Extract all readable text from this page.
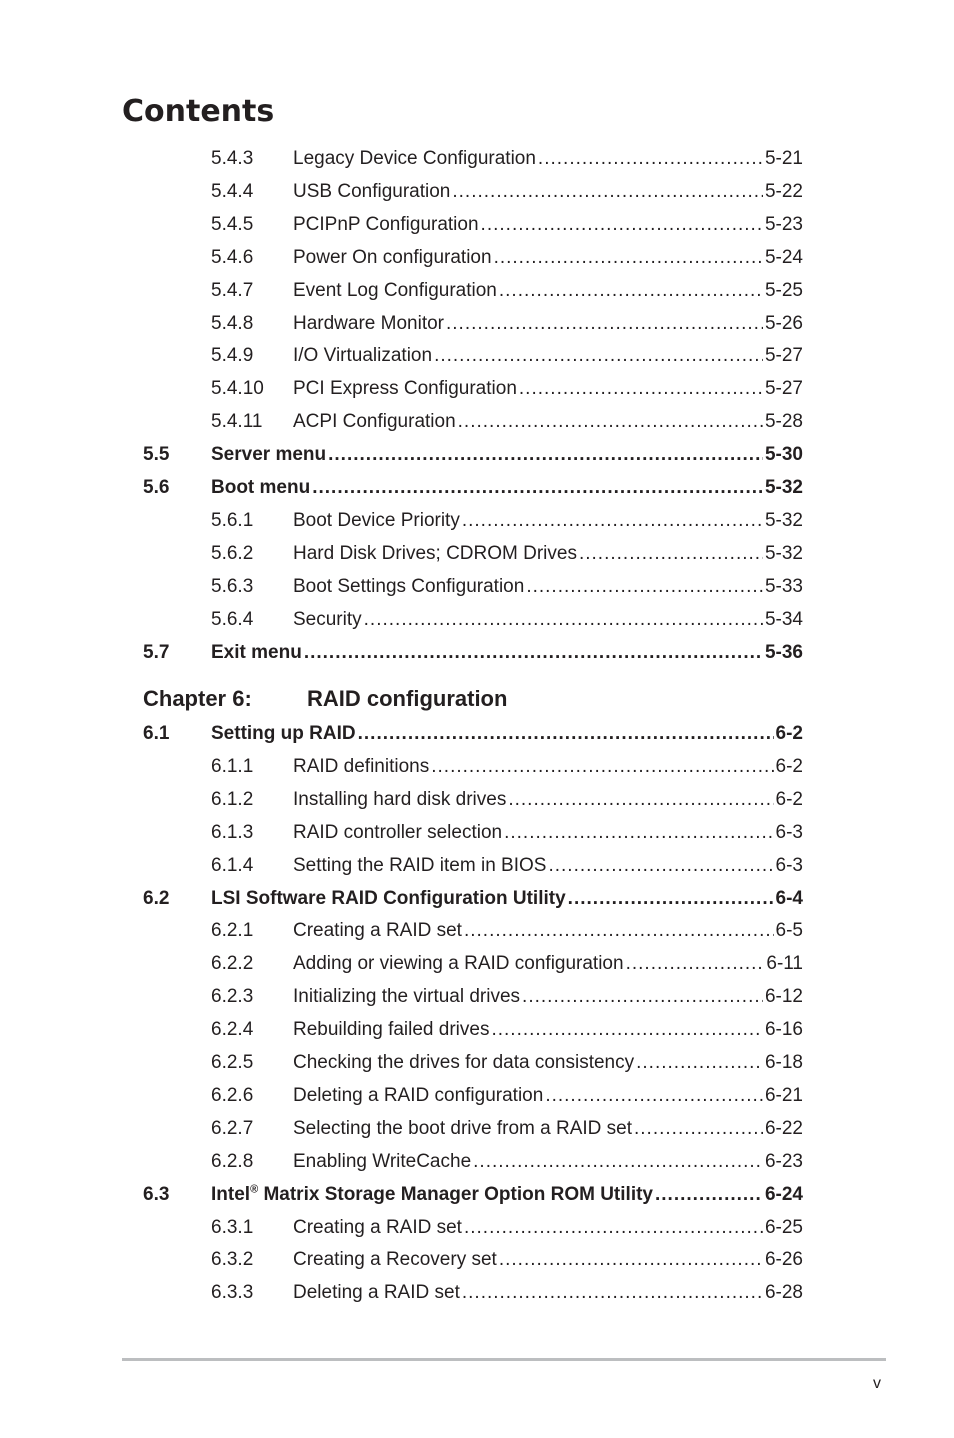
Contents
5.4.3 Legacy Device Configuration .....	5-21
5.4.4 USB Configuration .....	5-22
5.4.5 PCIPnP Configuration .....	5-23
5.4.6 Power On configuration .....	5-24
5.4.7 Event Log Configuration .....	5-25
5.4.8 Hardware Monitor .....	5-26
5.4.9 I/O Virtualization .....	5-27
5.4.10 PCI Express Configuration .....	5-27
5.4.11 ACPI Configuration .....	5-28
5.5 Server menu .....	5-30
5.6 Boot menu .....	5-32
5.6.1 Boot Device Priority .....	5-32
5.6.2 Hard Disk Drives; CDROM Drives .....	5-32
5.6.3 Boot Settings Configuration .....	5-33
5.6.4 Security .....	5-34
5.7 Exit menu .....	5-36
6.1 Setting up RAID .....	6-2
6.1.1 RAID definitions .....	6-2
6.1.2 Installing hard disk drives .....	6-2
6.1.3 RAID controller selection .....	6-3
6.1.4 Setting the RAID item in BIOS .....	6-3
6.2 LSI Software RAID Configuration Utility .....	6-4
6.2.1 Creating a RAID set .....	6-5
6.2.2 Adding or viewing a RAID configuration .....	6-11
6.2.3 Initializing the virtual drives .....	6-12
6.2.4 Rebuilding failed drives .....	6-16
6.2.5 Checking the drives for data consistency .....	6-18
6.2.6 Deleting a RAID configuration .....	6-21
6.2.7 Selecting the boot drive from a RAID set .....	6-22
6.2.8 Enabling WriteCache .....	6-23
6.3 Intel® Matrix Storage Manager Option ROM Utility .....	6-24
6.3.1 Creating a RAID set .....	6-25
6.3.2 Creating a Recovery set .....	6-26
6.3.3 Deleting a RAID set .....	6-28
Chapter 6:	RAID configuration
v
